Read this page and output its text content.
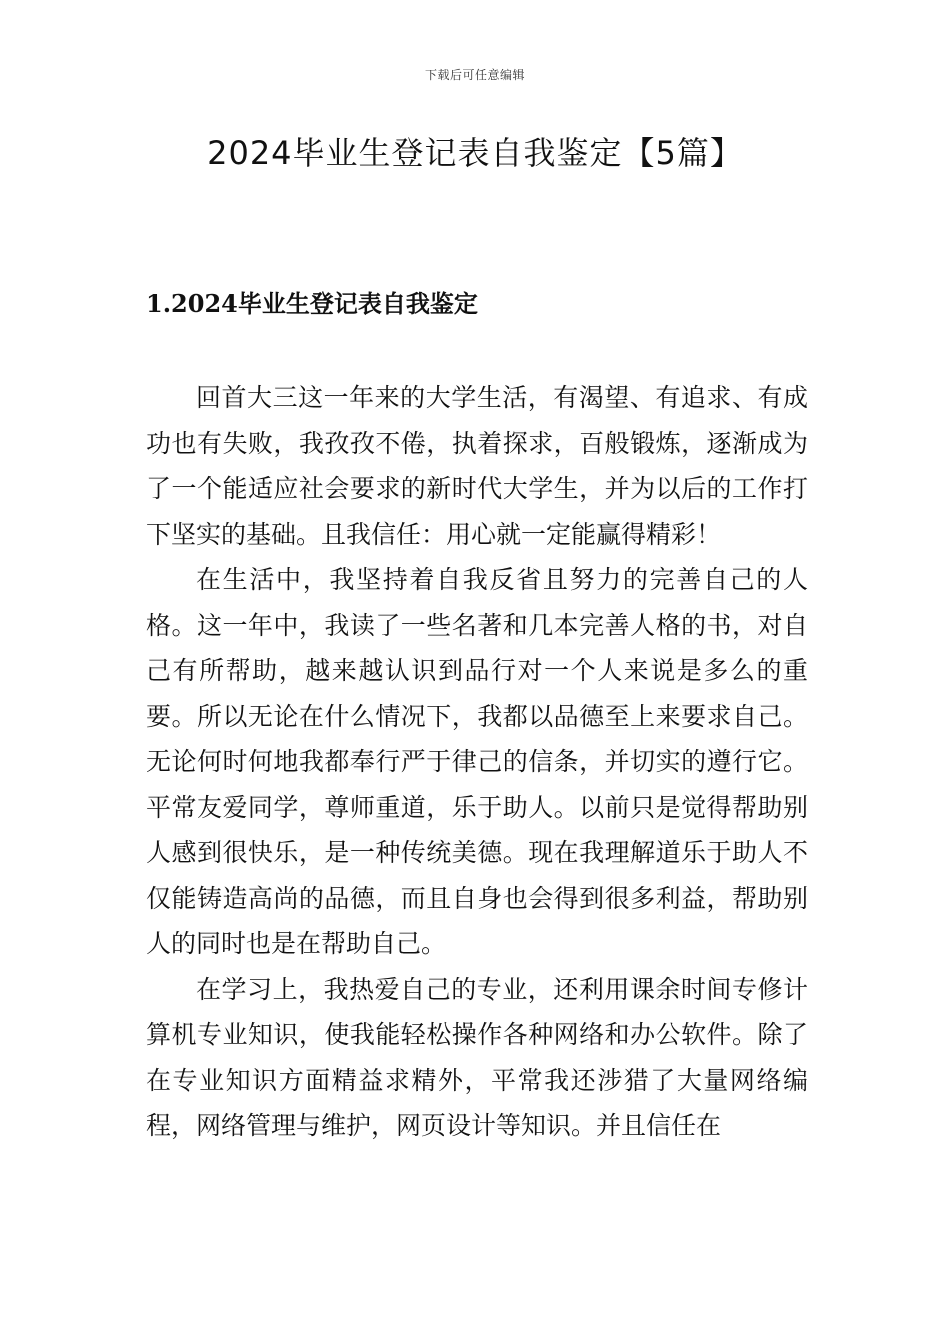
下载后可任意编辑
2024毕业生登记表自我鉴定【5篇】
1.2024毕业生登记表自我鉴定

回首大三这一年来的大学生活，有渴望、有追求、有成功也有失败，我孜孜不倦，执着探求，百般锻炼，逐渐成为了一个能适应社会要求的新时代大学生，并为以后的工作打下坚实的基础。且我信任：用心就一定能赢得精彩！

在生活中，我坚持着自我反省且努力的完善自己的人格。这一年中，我读了一些名著和几本完善人格的书，对自己有所帮助，越来越认识到品行对一个人来说是多么的重要。所以无论在什么情况下，我都以品德至上来要求自己。无论何时何地我都奉行严于律己的信条，并切实的遵行它。平常友爱同学，尊师重道，乐于助人。以前只是觉得帮助别人感到很快乐，是一种传统美德。现在我理解道乐于助人不仅能铸造高尚的品德，而且自身也会得到很多利益，帮助别人的同时也是在帮助自己。

在学习上，我热爱自己的专业，还利用课余时间专修计算机专业知识，使我能轻松操作各种网络和办公软件。除了在专业知识方面精益求精外，平常我还涉猎了大量网络编程，网络管理与维护，网页设计等知识。并且信任在
